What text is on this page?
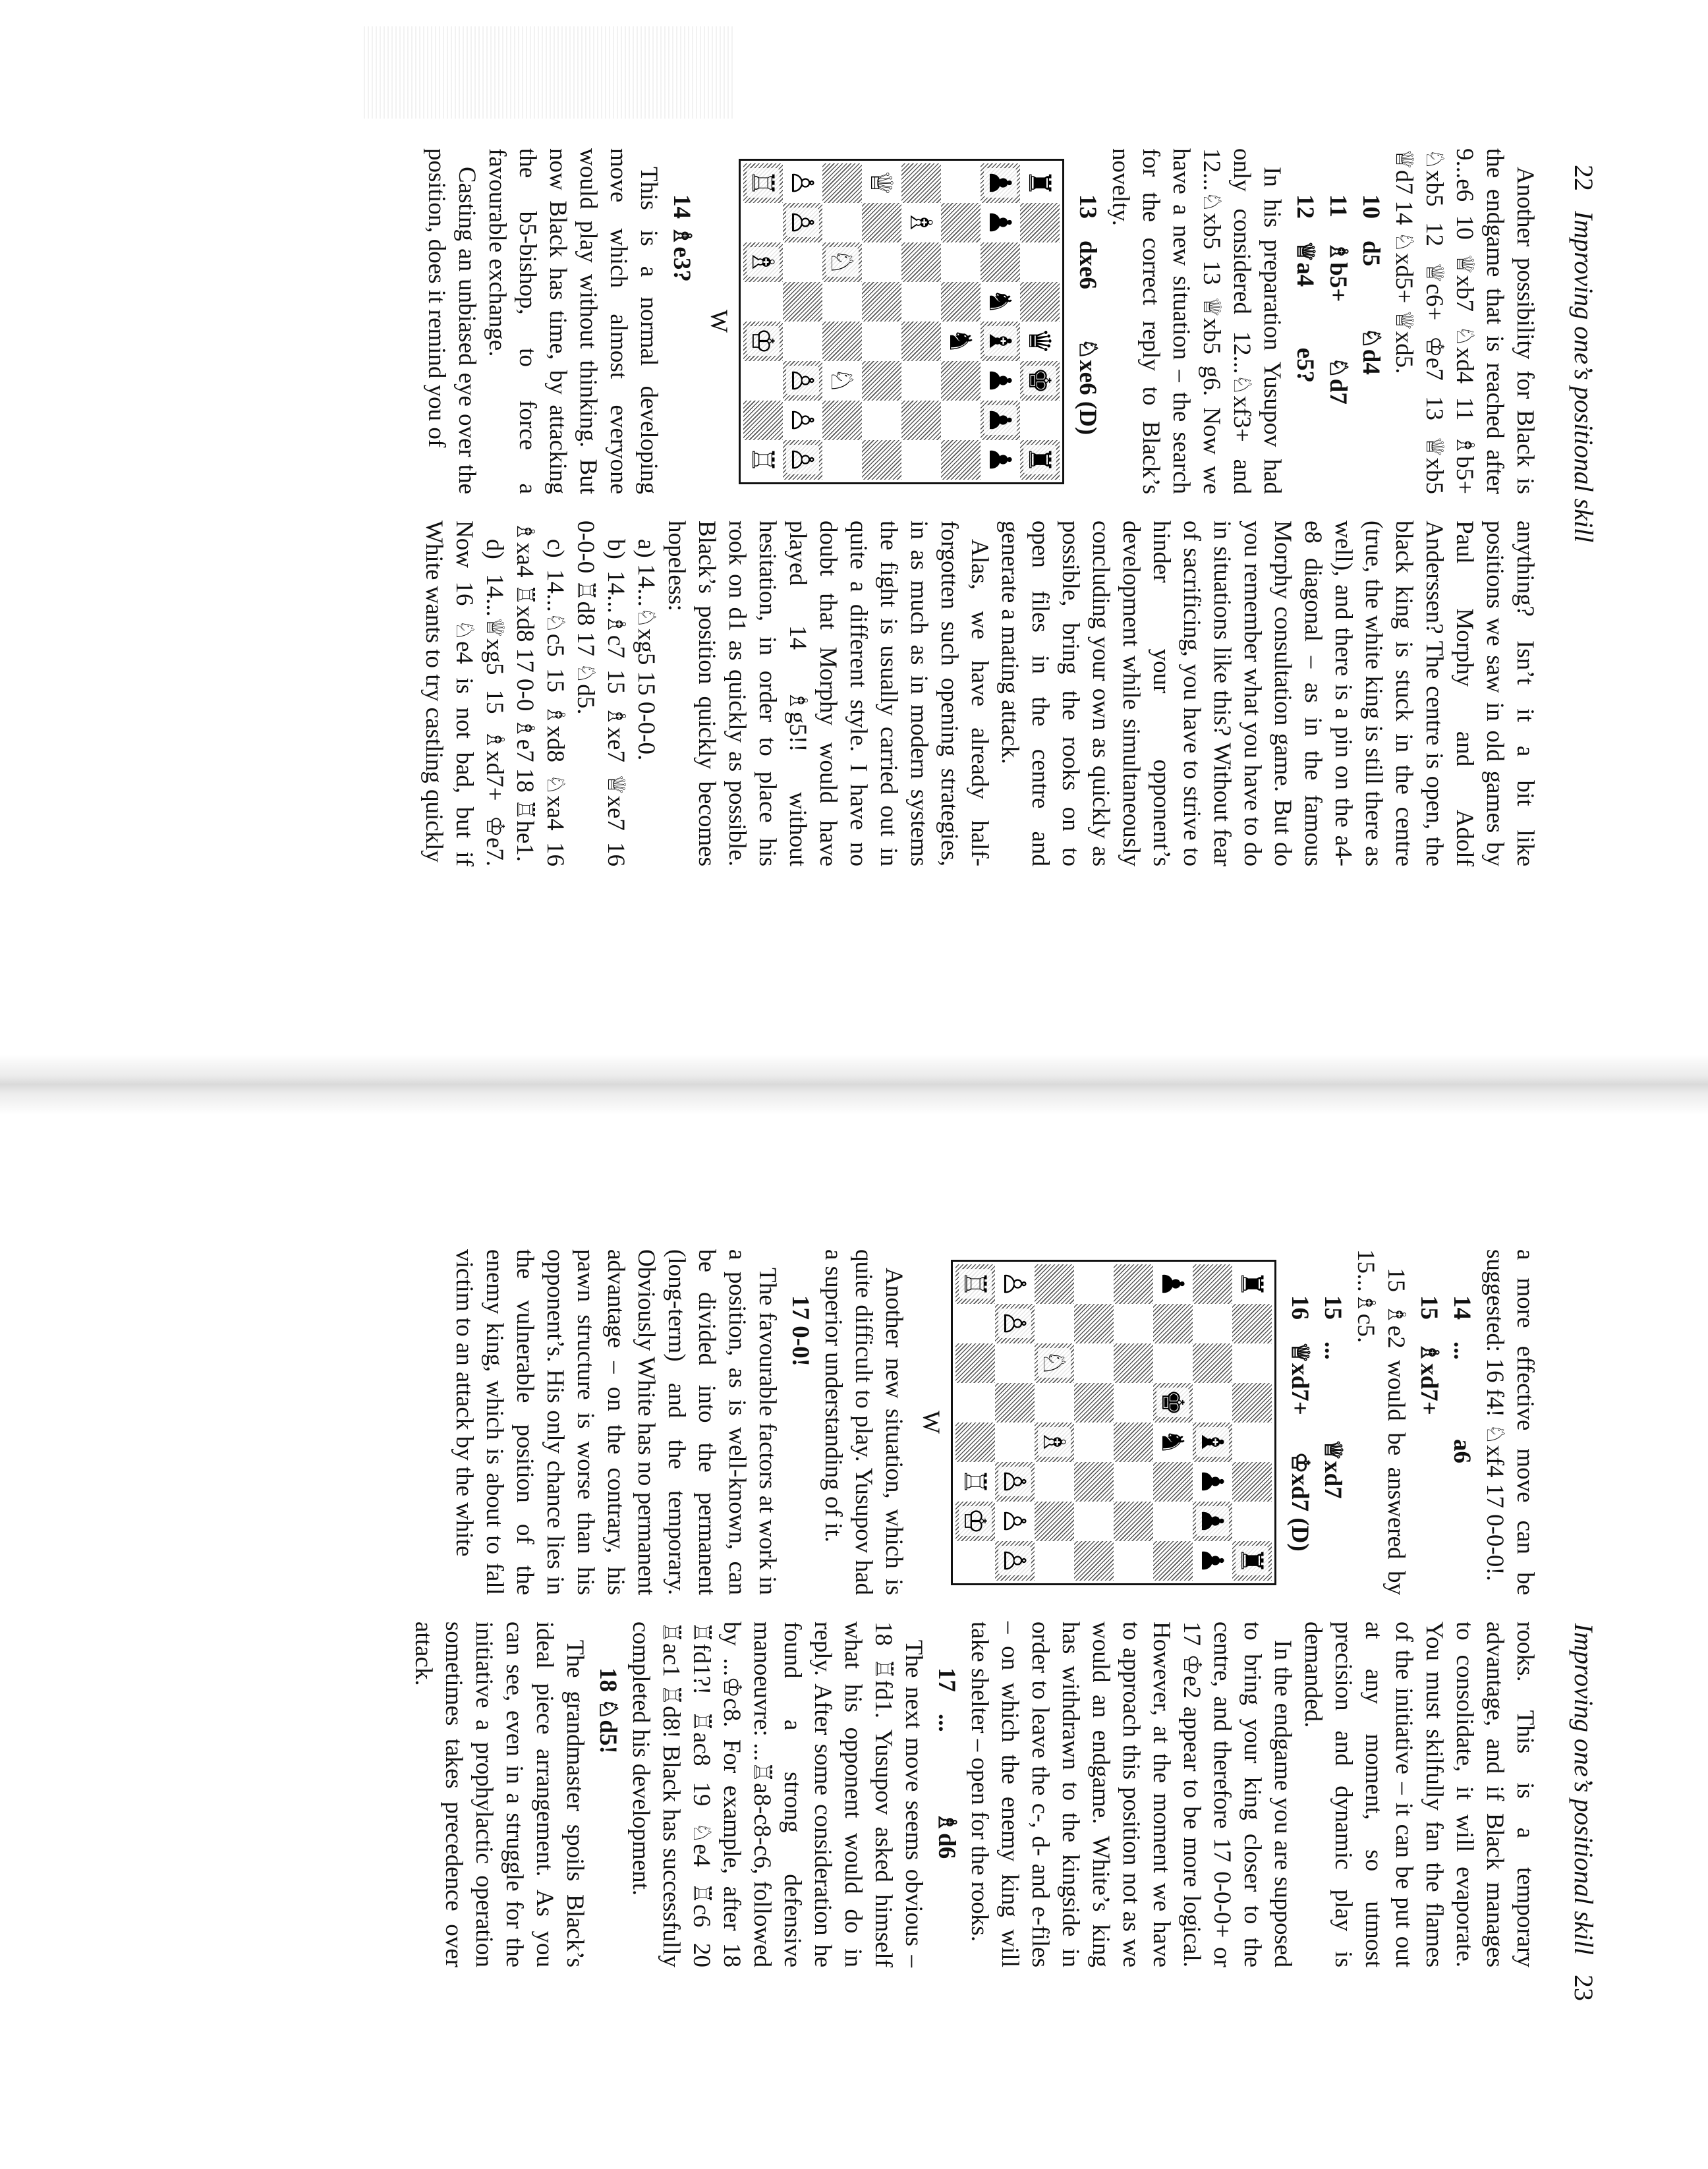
22   Improving one’s positional skill

Another possibility for Black is the endgame that is reached after 9...e6 10 ♕xb7 ♘xd4 11 ♗b5+ ♘xb5 12 ♕c6+ ♔e7 13 ♕xb5 ♕d7 14 ♘xd5+ ♕xd5.

10d5          ♘d4

11♗b5+         ♘d7

12♕a4          e5?

In his preparation Yusupov had only considered 12...♘xf3+ and 12...♘xb5 13 ♕xb5 g6. Now we have a new situation – the search for the correct reply to Black’s novelty.

13dxe6        ♘xe6 (D)

♜
♛
♚
♜
♟
♟
♞
♝
♟
♟
♟
♞
♗
♕
♘
♘
♙
♙
♙
♙
♙
♖
♗
♔
♖
W

14 ♗e3?

This is a normal developing move which almost everyone would play without thinking. But now Black has time, by attacking the b5-bishop, to force a favourable exchange.

Casting an unbiased eye over the position, does it remind you of

anything? Isn’t it a bit like positions we saw in old games by Paul Morphy and Adolf Anderssen? The centre is open, the black king is stuck in the centre (true, the white king is still there as well), and there is a pin on the a4-e8 diagonal – as in the famous Morphy consultation game. But do you remember what you have to do in situations like this? Without fear of sacrificing, you have to strive to hinder your opponent’s development while simultaneously concluding your own as quickly as possible, bring the rooks on to open files in the centre and generate a mating attack.

Alas, we have already half-forgotten such opening strategies, in as much as in modern systems the fight is usually carried out in quite a different style. I have no doubt that Morphy would have played 14 ♗g5!! without hesitation, in order to place his rook on d1 as quickly as possible. Black’s position quickly becomes hopeless:

a) 14...♘xg5 15 0-0-0.

b) 14...♗c7 15 ♗xe7 ♕xe7 16 0-0-0 ♖d8 17 ♘d5.

c) 14...♘c5 15 ♗xd8 ♘xa4 16 ♗xa4 ♖xd8 17 0-0 ♗e7 18 ♖he1.

d) 14...♕xg5 15 ♗xd7+ ♔e7. Now 16 ♘e4 is not bad, but if White wants to try castling quickly

Improving one’s positional skill   23

a more effective move can be suggested: 16 f4! ♘xf4 17 0-0-0!.

14...             a6

15♗xd7+

15 ♗e2 would be answered by 15...♗c5.

15...             ♕xd7

16♕xd7+      ♔xd7 (D)

♜
♜
♝
♟
♟
♟
♟
♚
♞
♘
♗
♙
♙
♙
♙
♙
♖
♖
♔
W

Another new situation, which is quite difficult to play. Yusupov had a superior understanding of it.

17 0-0!

The favourable factors at work in a position, as is well-known, can be divided into the permanent (long-term) and the temporary. Obviously White has no permanent advantage – on the contrary, his pawn structure is worse than his opponent’s. His only chance lies in the vulnerable position of the enemy king, which is about to fall victim to an attack by the white

rooks. This is a temporary advantage, and if Black manages to consolidate, it will evaporate. You must skilfully fan the flames of the initiative – it can be put out at any moment, so utmost precision and dynamic play is demanded.

In the endgame you are supposed to bring your king closer to the centre, and therefore 17 0-0-0+ or 17 ♔e2 appear to be more logical. However, at the moment we have to approach this position not as we would an endgame. White’s king has withdrawn to the kingside in order to leave the c-, d- and e-files – on which the enemy king will take shelter – open for the rooks.

17...             ♗d6

The next move seems obvious – 18 ♖fd1. Yusupov asked himself what his opponent would do in reply. After some consideration he found a strong defensive manoeuvre: ...♖a8-c8-c6, followed by ...♔c8. For example, after 18 ♖fd1?! ♖ac8 19 ♘e4 ♖c6 20 ♖ac1 ♖d8! Black has successfully completed his development.

18 ♘d5!

The grandmaster spoils Black’s ideal piece arrangement. As you can see, even in a struggle for the initiative a prophylactic operation sometimes takes precedence over attack.
